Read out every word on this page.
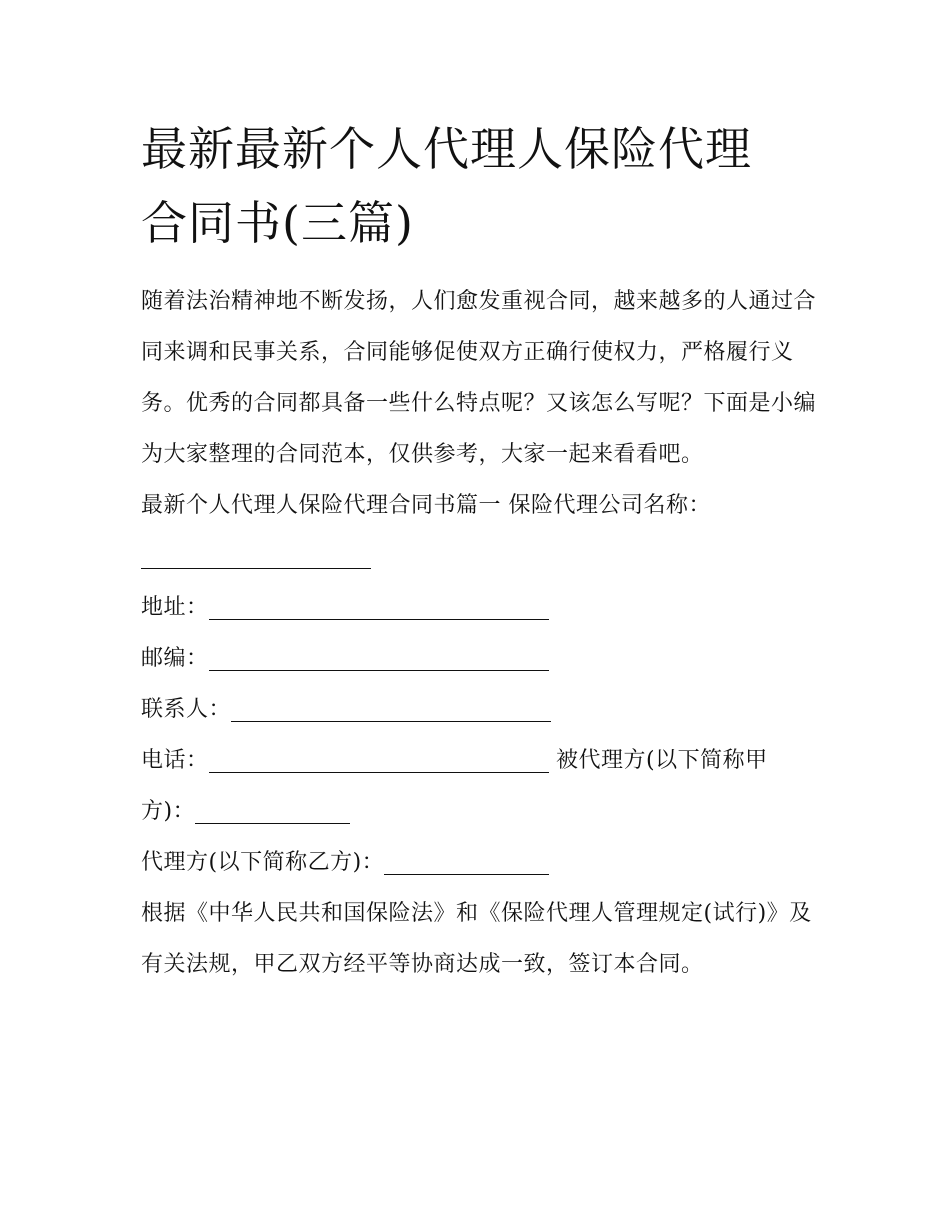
最新最新个人代理人保险代理
合同书(三篇)

随着法治精神地不断发扬，人们愈发重视合同，越来越多的人通过合同来调和民事关系，合同能够促使双方正确行使权力，严格履行义务。优秀的合同都具备一些什么特点呢？又该怎么写呢？下面是小编为大家整理的合同范本，仅供参考，大家一起来看看吧。

最新个人代理人保险代理合同书篇一 保险代理公司名称：

地址：

邮编：

联系人：

电话：	被代理方(以下简称甲方)：

代理方(以下简称乙方)：

根据《中华人民共和国保险法》和《保险代理人管理规定(试行)》及有关法规，甲乙双方经平等协商达成一致，签订本合同。
